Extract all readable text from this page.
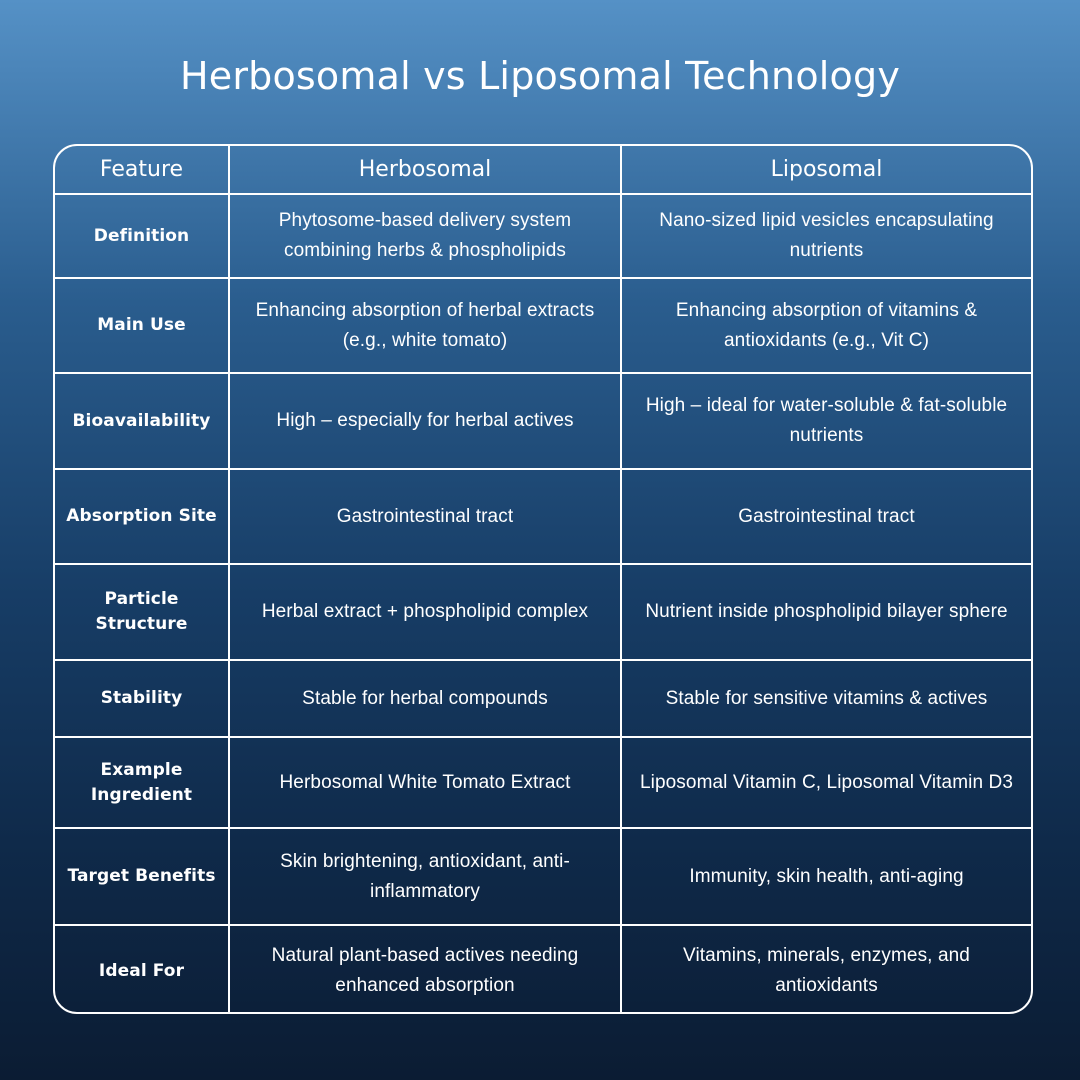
Herbosomal vs Liposomal Technology
Feature	Herbosomal	Liposomal
Definition	Phytosome-based delivery system combining herbs & phospholipids	Nano-sized lipid vesicles encapsulating nutrients
Main Use	Enhancing absorption of herbal extracts (e.g., white tomato)	Enhancing absorption of vitamins & antioxidants (e.g., Vit C)
Bioavailability	High – especially for herbal actives	High – ideal for water-soluble & fat-soluble nutrients
Absorption Site	Gastrointestinal tract	Gastrointestinal tract
Particle Structure	Herbal extract + phospholipid complex	Nutrient inside phospholipid bilayer sphere
Stability	Stable for herbal compounds	Stable for sensitive vitamins & actives
Example Ingredient	Herbosomal White Tomato Extract	Liposomal Vitamin C, Liposomal Vitamin D3
Target Benefits	Skin brightening, antioxidant, anti-inflammatory	Immunity, skin health, anti-aging
Ideal For	Natural plant-based actives needing enhanced absorption	Vitamins, minerals, enzymes, and antioxidants
